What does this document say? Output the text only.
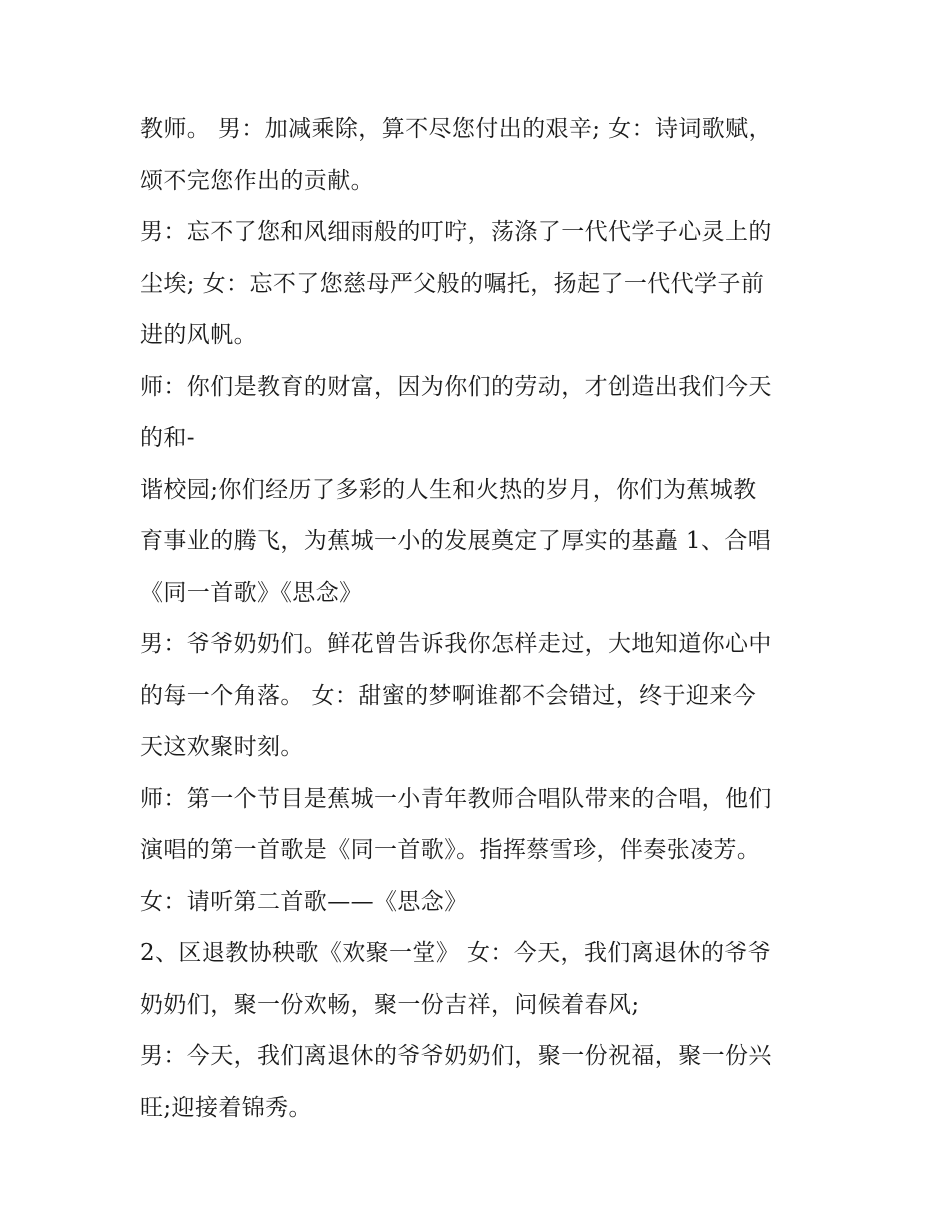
教师。 男：加减乘除，算不尽您付出的艰辛; 女：诗词歌赋，
颂不完您作出的贡献。
男：忘不了您和风细雨般的叮咛，荡涤了一代代学子心灵上的
尘埃; 女：忘不了您慈母严父般的嘱托，扬起了一代代学子前
进的风帆。
师：你们是教育的财富，因为你们的劳动，才创造出我们今天
的和-
谐校园;你们经历了多彩的人生和火热的岁月，你们为蕉城教
育事业的腾飞，为蕉城一小的发展奠定了厚实的基矗 1、合唱
《同一首歌》《思念》
男：爷爷奶奶们。鲜花曾告诉我你怎样走过，大地知道你心中
的每一个角落。 女：甜蜜的梦啊谁都不会错过，终于迎来今
天这欢聚时刻。
师：第一个节目是蕉城一小青年教师合唱队带来的合唱，他们
演唱的第一首歌是《同一首歌》。指挥蔡雪珍，伴奏张凌芳。
女：请听第二首歌——《思念》
2、区退教协秧歌《欢聚一堂》 女：今天，我们离退休的爷爷
奶奶们，聚一份欢畅，聚一份吉祥，问候着春风;
男：今天，我们离退休的爷爷奶奶们，聚一份祝福，聚一份兴
旺;迎接着锦秀。
